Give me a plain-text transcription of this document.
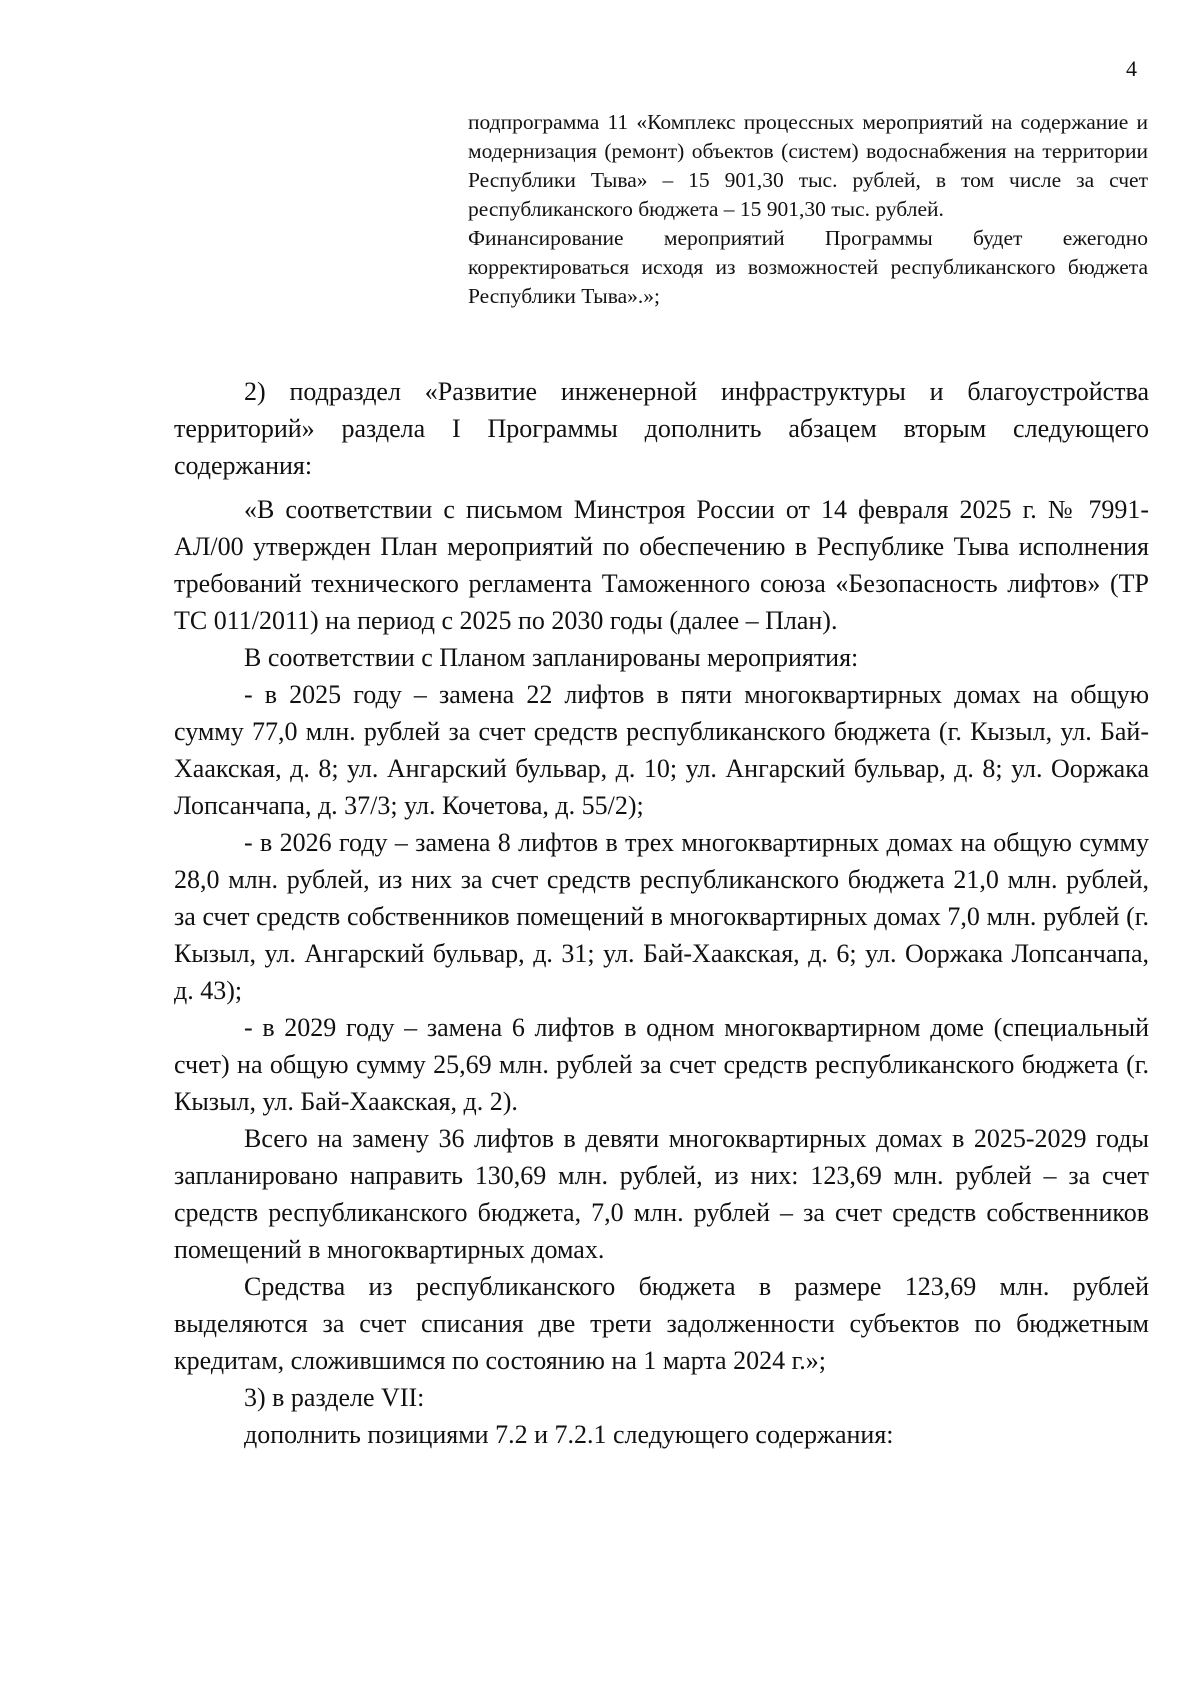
4

подпрограмма 11 «Комплекс процессных мероприятий на содержание и модернизация (ремонт) объектов (систем) водоснабжения на территории Республики Тыва» – 15 901,30 тыс. рублей, в том числе за счет республиканского бюджета – 15 901,30 тыс. рублей.

Финансирование мероприятий Программы будет ежегодно корректироваться исходя из возможностей республиканского бюджета Республики Тыва».»;

2) подраздел «Развитие инженерной инфраструктуры и благоустройства территорий» раздела I Программы дополнить абзацем вторым следующего содержания:

«В соответствии с письмом Минстроя России от 14 февраля 2025 г. № 7991-АЛ/00 утвержден План мероприятий по обеспечению в Республике Тыва исполнения требований технического регламента Таможенного союза «Безопасность лифтов» (ТР ТС 011/2011) на период с 2025 по 2030 годы (далее – План).

В соответствии с Планом запланированы мероприятия:

- в 2025 году – замена 22 лифтов в пяти многоквартирных домах на общую сумму 77,0 млн. рублей за счет средств республиканского бюджета (г. Кызыл, ул. Бай-Хаакская, д. 8; ул. Ангарский бульвар, д. 10; ул. Ангарский бульвар, д. 8; ул. Ооржака Лопсанчапа, д. 37/3; ул. Кочетова, д. 55/2);

- в 2026 году – замена 8 лифтов в трех многоквартирных домах на общую сумму 28,0 млн. рублей, из них за счет средств республиканского бюджета 21,0 млн. рублей, за счет средств собственников помещений в многоквартирных домах 7,0 млн. рублей (г. Кызыл, ул. Ангарский бульвар, д. 31; ул. Бай-Хаакская, д. 6; ул. Ооржака Лопсанчапа, д. 43);

- в 2029 году – замена 6 лифтов в одном многоквартирном доме (специальный счет) на общую сумму 25,69 млн. рублей за счет средств республиканского бюджета (г. Кызыл, ул. Бай-Хаакская, д. 2).

Всего на замену 36 лифтов в девяти многоквартирных домах в 2025-2029 годы запланировано направить 130,69 млн. рублей, из них: 123,69 млн. рублей – за счет средств республиканского бюджета, 7,0 млн. рублей – за счет средств собственников помещений в многоквартирных домах.

Средства из республиканского бюджета в размере 123,69 млн. рублей выделяются за счет списания две трети задолженности субъектов по бюджетным кредитам, сложившимся по состоянию на 1 марта 2024 г.»;

3) в разделе VII:

дополнить позициями 7.2 и 7.2.1 следующего содержания:
